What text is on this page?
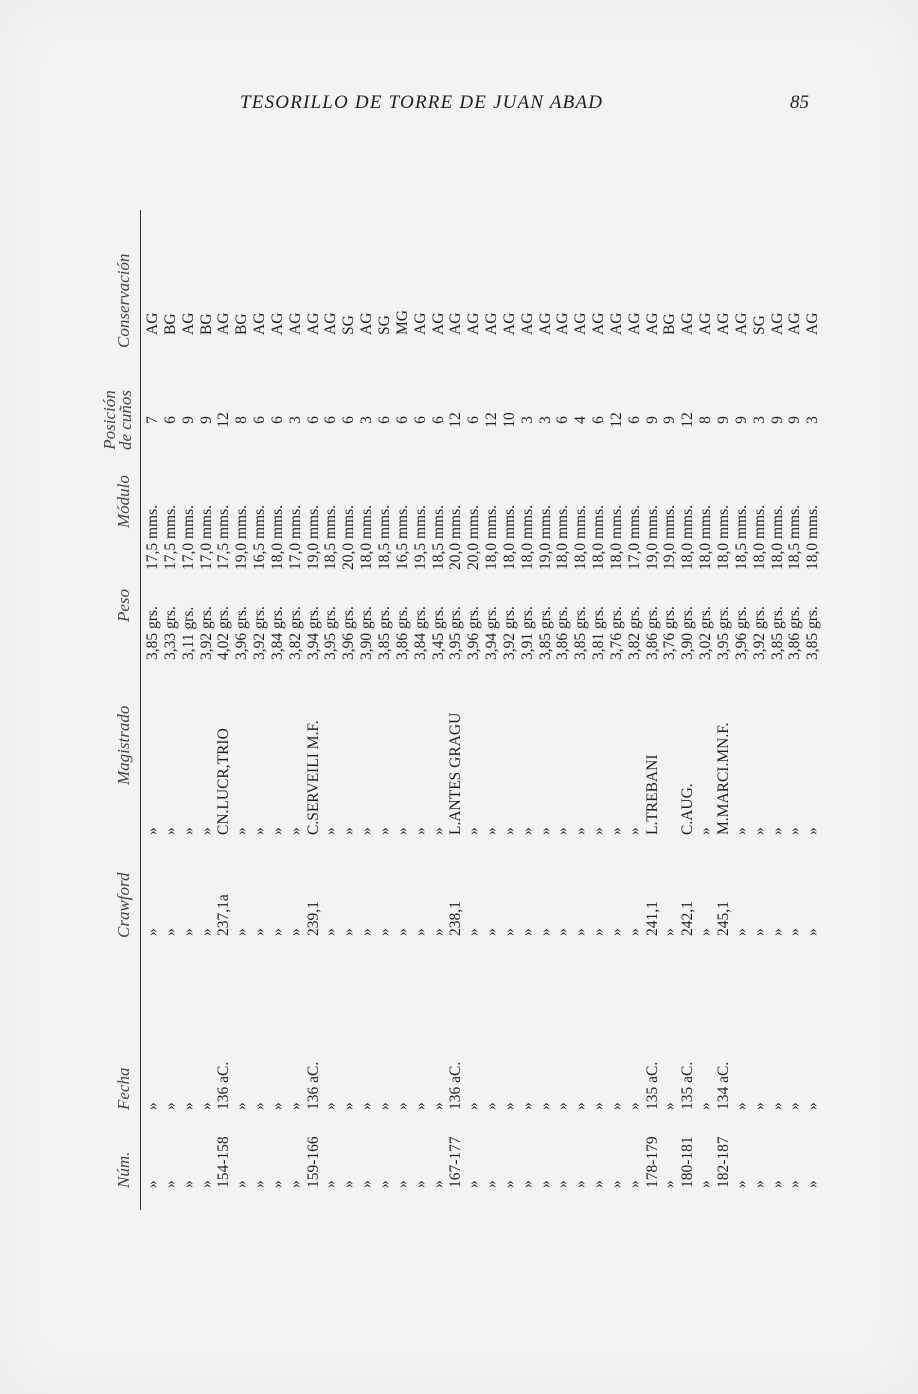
TESORILLO DE TORRE DE JUAN ABAD	85
Núm.
Fecha
Crawford
Magistrado
Peso
Módulo
Posición
de cuños
Conservación
»
»
»
»
3,85 grs.
17,5 mms.
7
AG
»
»
»
»
3,33 grs.
17,5 mms.
6
BG
»
»
»
»
3,11 grs.
17,0 mms.
9
AG
»
»
»
»
3,92 grs.
17,0 mms.
9
BG
154-158
136 aC.
237,1a
CN.LUCR,TRIO
4,02 grs.
17,5 mms.
12
AG
»
»
»
»
3,96 grs.
19,0 mms.
8
BG
»
»
»
»
3,92 grs.
16,5 mms.
6
AG
»
»
»
»
3,84 grs.
18,0 mms.
6
AG
»
»
»
»
3,82 grs.
17,0 mms.
3
AG
159-166
136 aC.
239,1
C.SERVEILI M.F.
3,94 grs.
19,0 mms.
6
AG
»
»
»
»
3,95 grs.
18,5 mms.
6
AG
»
»
»
»
3,96 grs.
20,0 mms.
6
SG
»
»
»
»
3,90 grs.
18,0 mms.
3
AG
»
»
»
»
3,85 grs.
18,5 mms.
6
SG
»
»
»
»
3,86 grs.
16,5 mms.
6
MG
»
»
»
»
3,84 grs.
19,5 mms.
6
AG
»
»
»
»
3,45 grs.
18,5 mms.
6
AG
167-177
136 aC.
238,1
L.ANTES GRAGU
3,95 grs.
20,0 mms.
12
AG
»
»
»
»
3,96 grs.
20,0 mms.
6
AG
»
»
»
»
3,94 grs.
18,0 mms.
12
AG
»
»
»
»
3,92 grs.
18,0 mms.
10
AG
»
»
»
»
3,91 grs.
18,0 mms.
3
AG
»
»
»
»
3,85 grs.
19,0 mms.
3
AG
»
»
»
»
3,86 grs.
18,0 mms.
6
AG
»
»
»
»
3,85 grs.
18,0 mms.
4
AG
»
»
»
»
3,81 grs.
18,0 mms.
6
AG
»
»
»
»
3,76 grs.
18,0 mms.
12
AG
»
»
»
»
3,82 grs.
17,0 mms.
6
AG
178-179
135 aC.
241,1
L.TREBANI
3,86 grs.
19,0 mms.
9
AG
»
»
»
3,76 grs.
19,0 mms.
9
BG
180-181
135 aC.
242,1
C.AUG.
3,90 grs.
18,0 mms.
12
AG
»
»
»
»
3,02 grs.
18,0 mms.
8
AG
182-187
134 aC.
245,1
M.MARCI.MN.F.
3,95 grs.
18,0 mms.
9
AG
»
»
»
»
3,96 grs.
18,5 mms.
9
AG
»
»
»
»
3,92 grs.
18,0 mms.
3
SG
»
»
»
»
3,85 grs.
18,0 mms.
9
AG
»
»
»
»
3,86 grs.
18,5 mms.
9
AG
»
»
»
»
3,85 grs.
18,0 mms.
3
AG
